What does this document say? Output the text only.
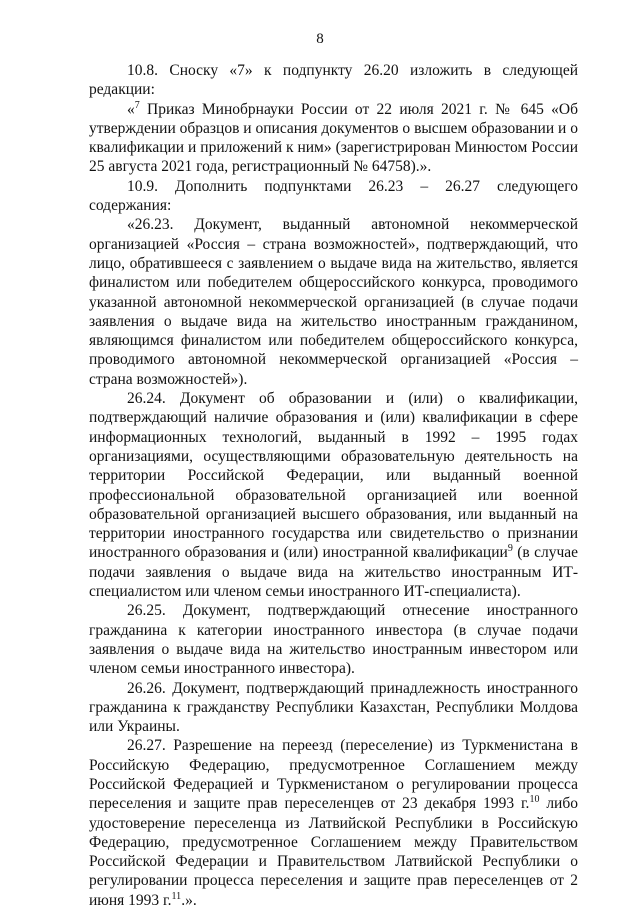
8

10.8. Сноску «7» к подпункту 26.20 изложить в следующей редакции:

«$^7$ Приказ Минобрнауки России от 22 июля 2021 г. № 645 «Об утверждении образцов и описания документов о высшем образовании и о квалификации и приложений к ним» (зарегистрирован Минюстом России 25 августа 2021 года, регистрационный № 64758).».

10.9. Дополнить подпунктами 26.23 – 26.27 следующего содержания:

«26.23. Документ, выданный автономной некоммерческой организацией «Россия – страна возможностей», подтверждающий, что лицо, обратившееся с заявлением о выдаче вида на жительство, является финалистом или победителем общероссийского конкурса, проводимого указанной автономной некоммерческой организацией (в случае подачи заявления о выдаче вида на жительство иностранным гражданином, являющимся финалистом или победителем общероссийского конкурса, проводимого автономной некоммерческой организацией «Россия – страна возможностей»).

26.24. Документ об образовании и (или) о квалификации, подтверждающий наличие образования и (или) квалификации в сфере информационных технологий, выданный в 1992 – 1995 годах организациями, осуществляющими образовательную деятельность на территории Российской Федерации, или выданный военной профессиональной образовательной организацией или военной образовательной организацией высшего образования, или выданный на территории иностранного государства или свидетельство о признании иностранного образования и (или) иностранной квалификации$^9$ (в случае подачи заявления о выдаче вида на жительство иностранным ИТ-специалистом или членом семьи иностранного ИТ-специалиста).

26.25. Документ, подтверждающий отнесение иностранного гражданина к категории иностранного инвестора (в случае подачи заявления о выдаче вида на жительство иностранным инвестором или членом семьи иностранного инвестора).

26.26. Документ, подтверждающий принадлежность иностранного гражданина к гражданству Республики Казахстан, Республики Молдова или Украины.

26.27. Разрешение на переезд (переселение) из Туркменистана в Российскую Федерацию, предусмотренное Соглашением между Российской Федерацией и Туркменистаном о регулировании процесса переселения и защите прав переселенцев от 23 декабря 1993 г.$^{10}$ либо удостоверение переселенца из Латвийской Республики в Российскую Федерацию, предусмотренное Соглашением между Правительством Российской Федерации и Правительством Латвийской Республики о регулировании процесса переселения и защите прав переселенцев от 2 июня 1993 г.$^{11}$.».
